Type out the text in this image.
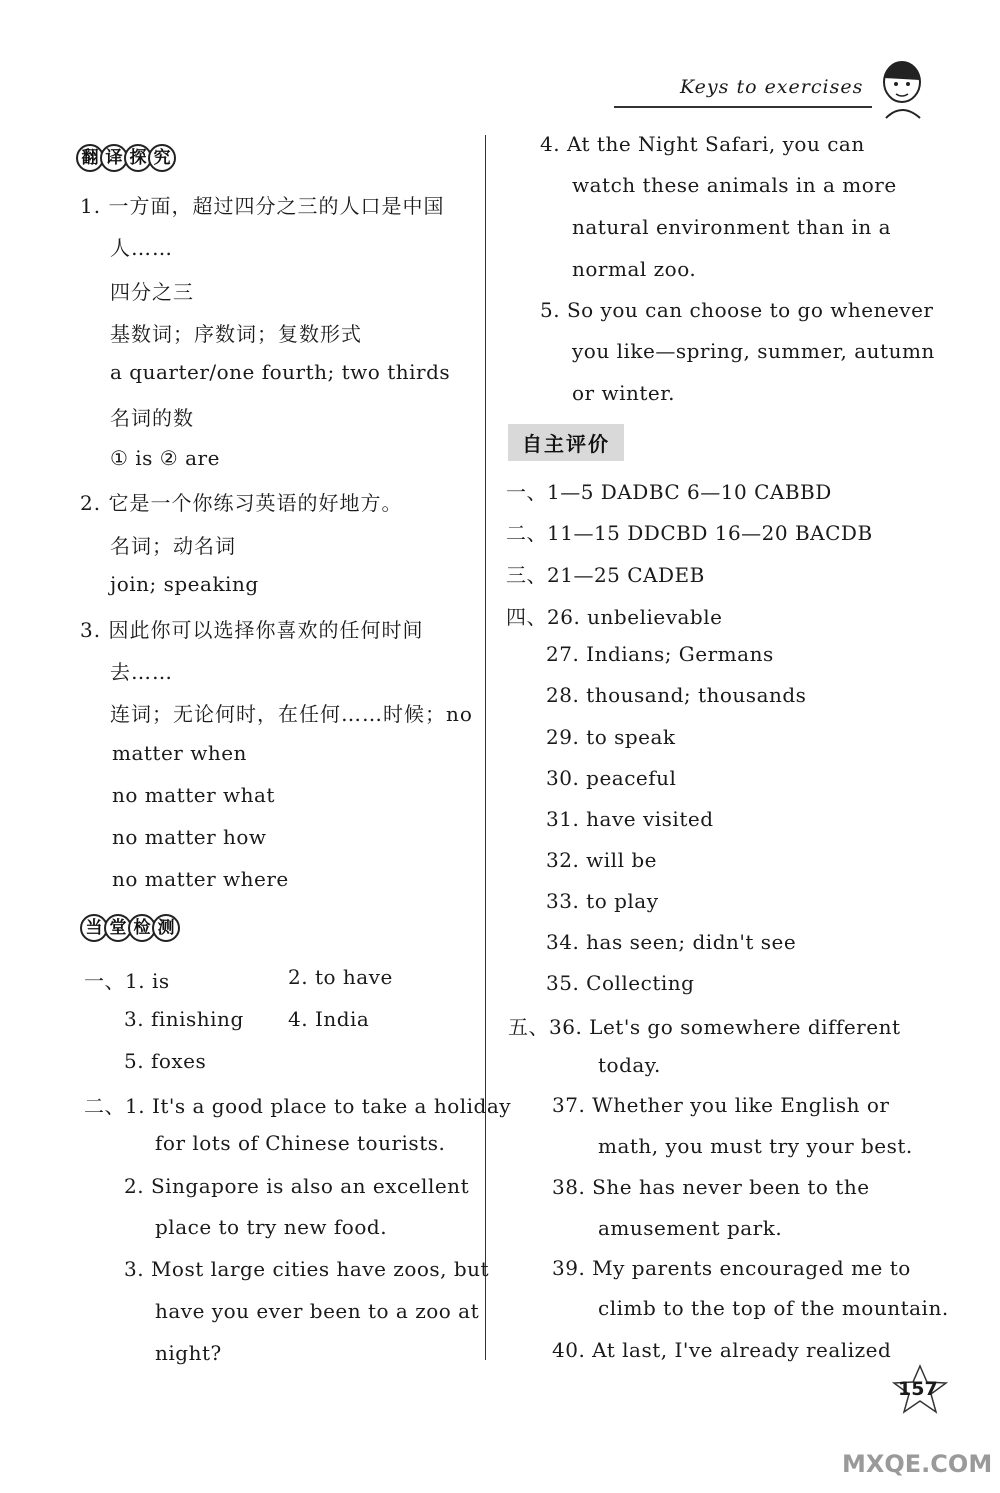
Keys to exercises
翻 译 探 究
1. 一方面，超过四分之三的人口是中国
人……
四分之三
基数词；序数词；复数形式
a quarter/one fourth; two thirds
名词的数
① is ② are
2. 它是一个你练习英语的好地方。
名词；动名词
join; speaking
3. 因此你可以选择你喜欢的任何时间
去……
连词；无论何时，在任何……时候；no
matter when
no matter what
no matter how
no matter where
当 堂 检 测
一、1. is	2. to have
3. finishing 4. India
5. foxes
二、1. It's a good place to take a holiday
for lots of Chinese tourists.
2. Singapore is also an excellent
place to try new food.
3. Most large cities have zoos, but
have you ever been to a zoo at
night?
4. At the Night Safari, you can
watch these animals in a more
natural environment than in a
normal zoo.
5. So you can choose to go whenever
you like—spring, summer, autumn
or winter.
自主评价
一、1—5 DADBC 6—10 CABBD
二、11—15 DDCBD 16—20 BACDB
三、21—25 CADEB
四、26. unbelievable
27. Indians; Germans
28. thousand; thousands
29. to speak
30. peaceful
31. have visited
32. will be
33. to play
34. has seen; didn't see
35. Collecting
五、36. Let's go somewhere different
today.
37. Whether you like English or
math, you must try your best.
38. She has never been to the
amusement park.
39. My parents encouraged me to
climb to the top of the mountain.
40. At last, I've already realized
157
MXQE.COM
